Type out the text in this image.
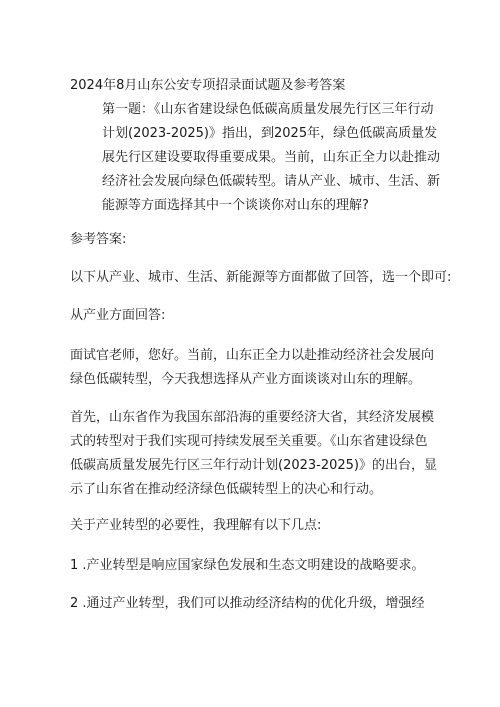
2024年8月山东公安专项招录面试题及参考答案
第一题：《山东省建设绿色低碳高质量发展先行区三年行动计划(2023-2025)》指出，到2025年，绿色低碳高质量发展先行区建设要取得重要成果。当前，山东正全力以赴推动经济社会发展向绿色低碳转型。请从产业、城市、生活、新能源等方面选择其中一个谈谈你对山东的理解?
参考答案:
以下从产业、城市、生活、新能源等方面都做了回答，选一个即可:
从产业方面回答:
面试官老师，您好。当前，山东正全力以赴推动经济社会发展向绿色低碳转型，今天我想选择从产业方面谈谈对山东的理解。
首先，山东省作为我国东部沿海的重要经济大省，其经济发展模式的转型对于我们实现可持续发展至关重要。《山东省建设绿色低碳高质量发展先行区三年行动计划(2023-2025)》的出台，显示了山东省在推动经济绿色低碳转型上的决心和行动。
关于产业转型的必要性，我理解有以下几点:
1 .产业转型是响应国家绿色发展和生态文明建设的战略要求。
2 .通过产业转型，我们可以推动经济结构的优化升级，增强经
